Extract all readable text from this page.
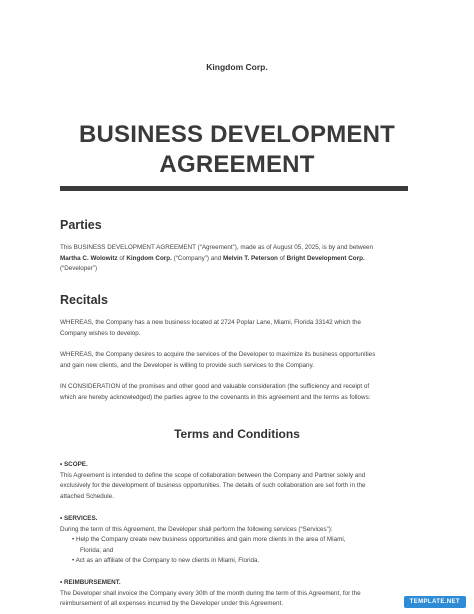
Kingdom Corp.
BUSINESS DEVELOPMENT
AGREEMENT
Parties
This BUSINESS DEVELOPMENT AGREEMENT (“Agreement”), made as of August 05, 2025, is by and between
Martha C. Wolowitz of Kingdom Corp. (“Company”) and Melvin T. Peterson of Bright Development Corp.
(“Developer”)
Recitals
WHEREAS, the Company has a new business located at 2724 Poplar Lane, Miami, Florida 33142 which the
Company wishes to develop.
WHEREAS, the Company desires to acquire the services of the Developer to maximize its business opportunities
and gain new clients, and the Developer is willing to provide such services to the Company.
IN CONSIDERATION of the promises and other good and valuable consideration (the sufficiency and receipt of
which are hereby acknowledged) the parties agree to the covenants in this agreement and the terms as follows:
Terms and Conditions
• SCOPE.
This Agreement is intended to define the scope of collaboration between the Company and Partner solely and
exclusively for the development of business opportunities. The details of such collaboration are set forth in the
attached Schedule.
• SERVICES.
During the term of this Agreement, the Developer shall perform the following services (“Services”):
• Help the Company create new business opportunities and gain more clients in the area of Miami,
Florida; and
• Act as an affiliate of the Company to new clients in Miami, Florida.
• REIMBURSEMENT.
The Developer shall invoice the Company every 30th of the month during the term of this Agreement, for the
reimbursement of all expenses incurred by the Developer under this Agreement.	TEMPLATE.NET
